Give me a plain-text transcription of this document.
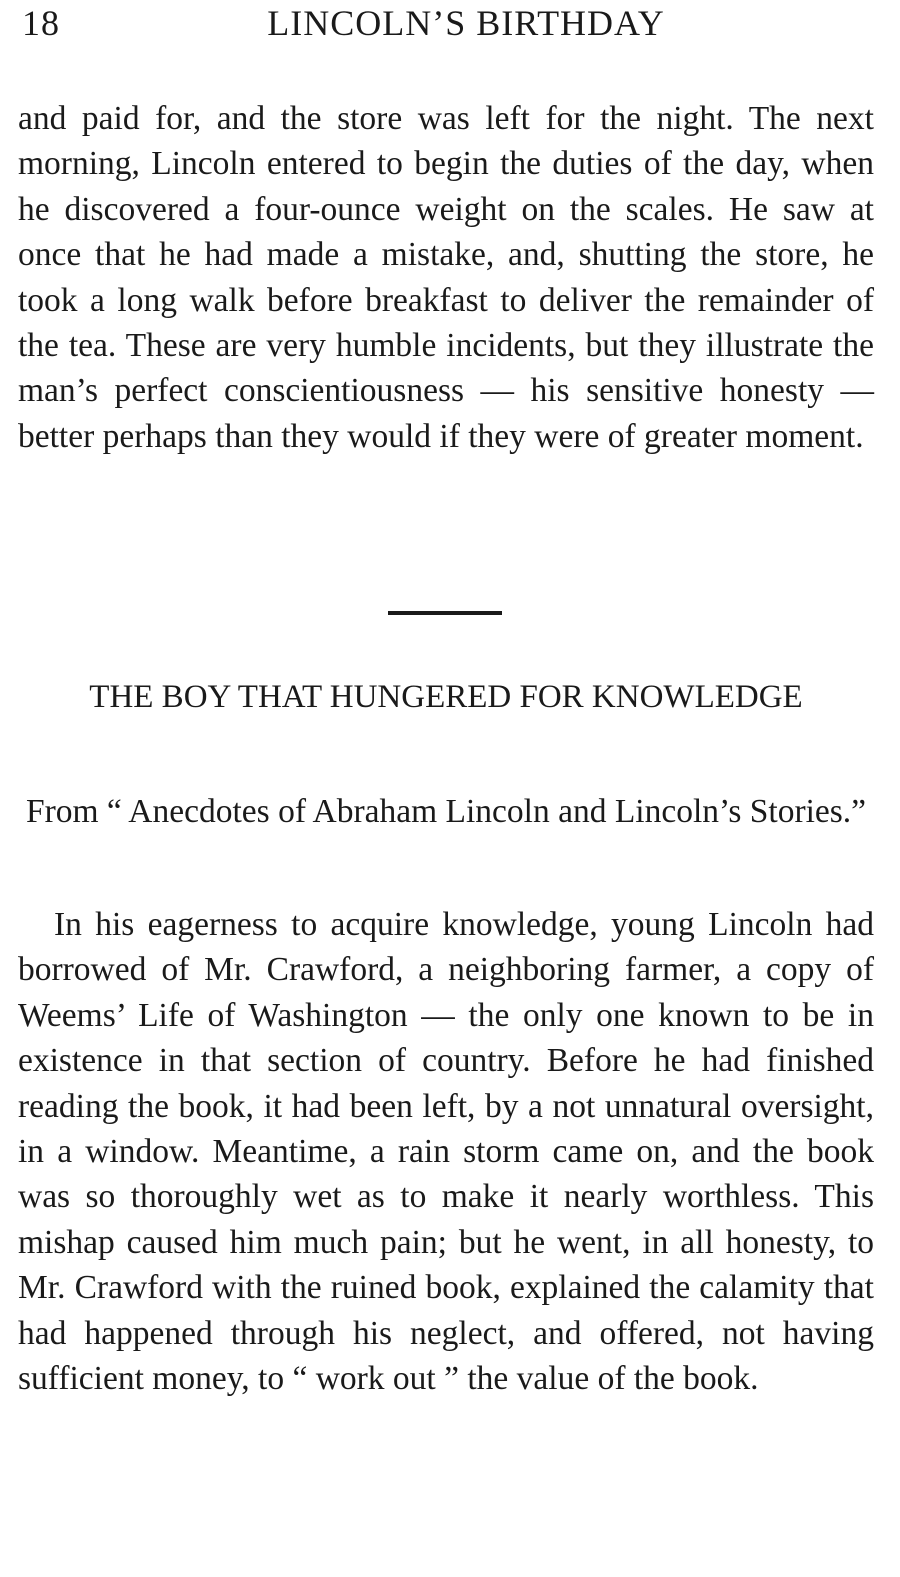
18	LINCOLN’S BIRTHDAY

and paid for, and the store was left for the night. The next morning, Lincoln entered to begin the duties of the day, when he discovered a four-ounce weight on the scales. He saw at once that he had made a mistake, and, shutting the store, he took a long walk before breakfast to deliver the remainder of the tea. These are very humble incidents, but they illustrate the man’s perfect conscientiousness — his sensitive honesty — better perhaps than they would if they were of greater moment.

THE BOY THAT HUNGERED FOR KNOWLEDGE

From “ Anecdotes of Abraham Lincoln and Lincoln’s Stories.”

In his eagerness to acquire knowledge, young Lincoln had borrowed of Mr. Crawford, a neighboring farmer, a copy of Weems’ Life of Washington — the only one known to be in existence in that section of country. Before he had finished reading the book, it had been left, by a not unnatural oversight, in a window. Meantime, a rain storm came on, and the book was so thoroughly wet as to make it nearly worthless. This mishap caused him much pain; but he went, in all honesty, to Mr. Crawford with the ruined book, explained the calamity that had happened through his neglect, and offered, not having sufficient money, to “ work out ” the value of the book.
